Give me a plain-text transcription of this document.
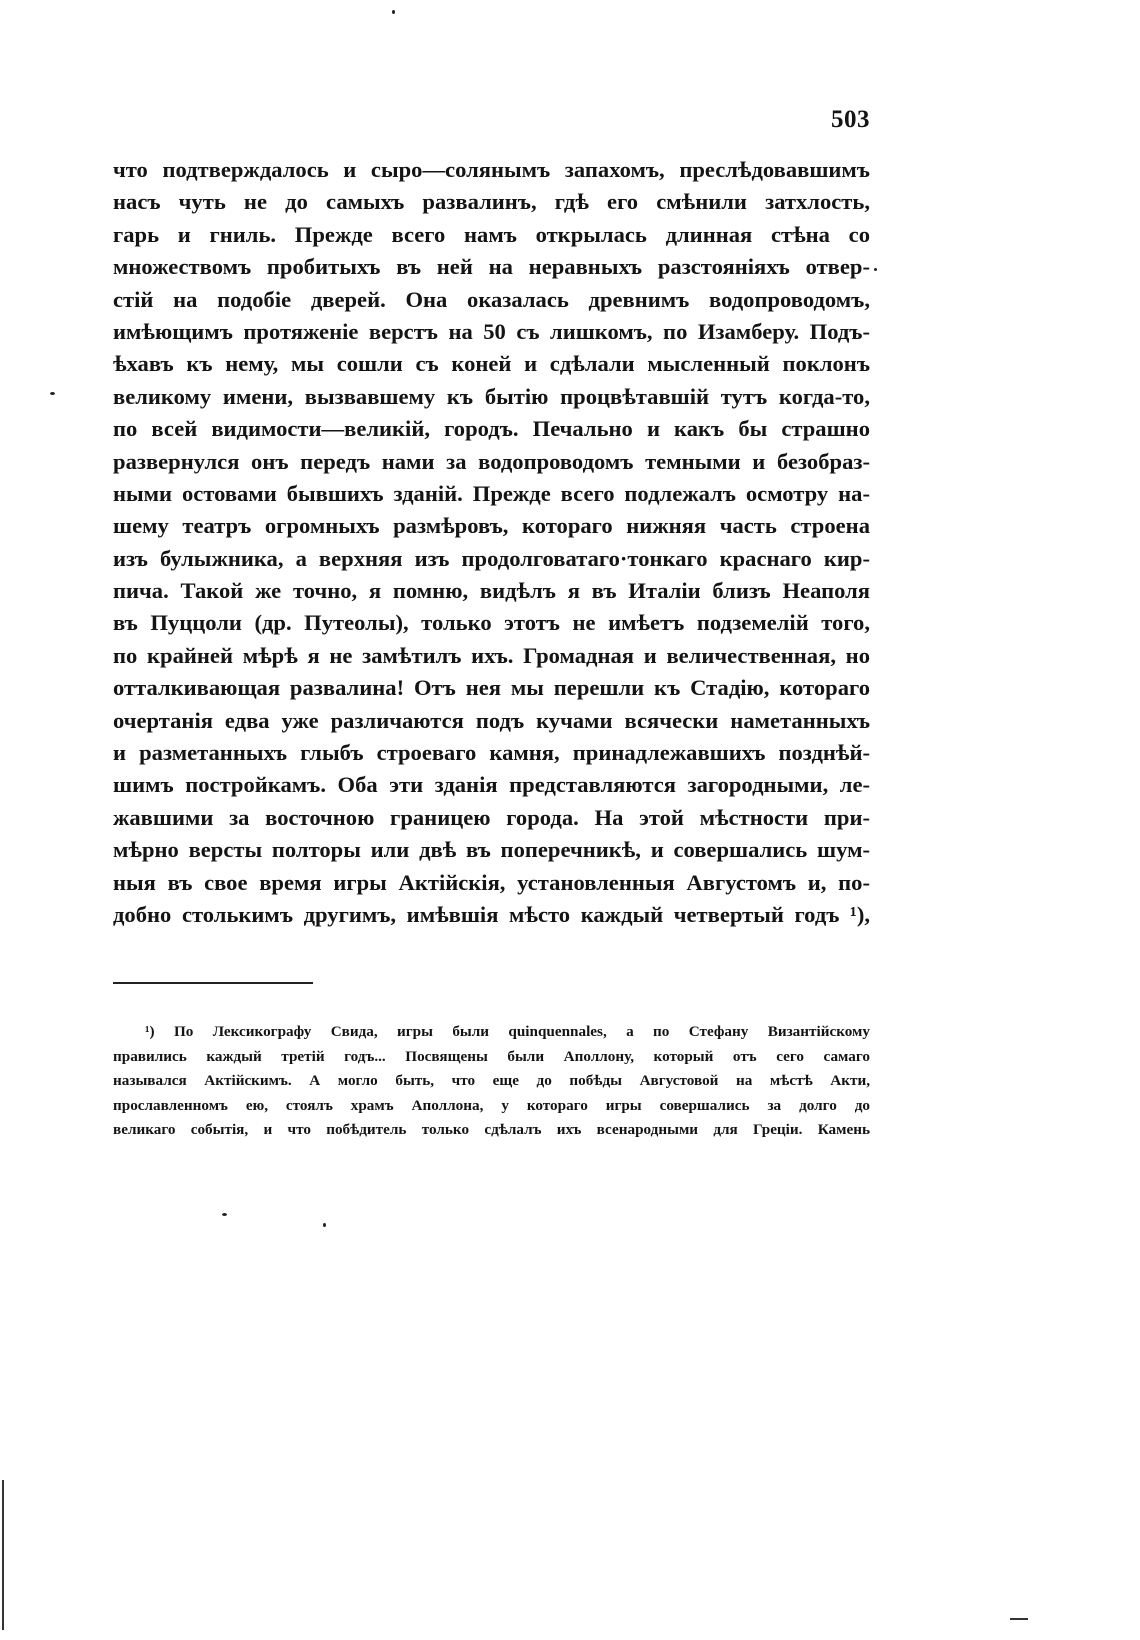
503
что подтверждалось и сыро—солянымъ запахомъ, преслѣдовавшимъ
насъ чуть не до самыхъ развалинъ, гдѣ его смѣнили затхлость,
гарь и гниль. Прежде всего намъ открылась длинная стѣна со
множествомъ пробитыхъ въ ней на неравныхъ разстояніяхъ отвер-
стій на подобіе дверей. Она оказалась древнимъ водопроводомъ,
имѣющимъ протяженіе верстъ на 50 съ лишкомъ, по Изамберу. Подъ-
ѣхавъ къ нему, мы сошли съ коней и сдѣлали мысленный поклонъ
великому имени, вызвавшему къ бытію процвѣтавшій тутъ когда-то,
по всей видимости—великій, городъ. Печально и какъ бы страшно
развернулся онъ передъ нами за водопроводомъ темными и безобраз-
ными остовами бывшихъ зданій. Прежде всего подлежалъ осмотру на-
шему театръ огромныхъ размѣровъ, котораго нижняя часть строена
изъ булыжника, а верхняя изъ продолговатаго·тонкаго краснаго кир-
пича. Такой же точно, я помню, видѣлъ я въ Италіи близъ Неаполя
въ Пуццоли (др. Путеолы), только этотъ не имѣетъ подземелій того,
по крайней мѣрѣ я не замѣтилъ ихъ. Громадная и величественная, но
отталкивающая развалина! Отъ нея мы перешли къ Стадію, котораго
очертанія едва уже различаются подъ кучами всячески наметанныхъ
и разметанныхъ глыбъ строеваго камня, принадлежавшихъ позднѣй-
шимъ постройкамъ. Оба эти зданія представляются загородными, ле-
жавшими за восточною границею города. На этой мѣстности при-
мѣрно версты полторы или двѣ въ поперечникѣ, и совершались шум-
ныя въ свое время игры Актійскія, установленныя Августомъ и, по-
добно столькимъ другимъ, имѣвшія мѣсто каждый четвертый годъ ¹),
¹) По Лексикографу Свида, игры были quinquennales, а по Стефану Византійскому
правились каждый третій годъ... Посвящены были Аполлону, который отъ сего самаго
назывался Актійскимъ. А могло быть, что еще до побѣды Августовой на мѣстѣ Акти,
прославленномъ ею, стоялъ храмъ Аполлона, у котораго игры совершались за долго до
великаго событія, и что побѣдитель только сдѣлалъ ихъ всенародными для Греціи. Камень
